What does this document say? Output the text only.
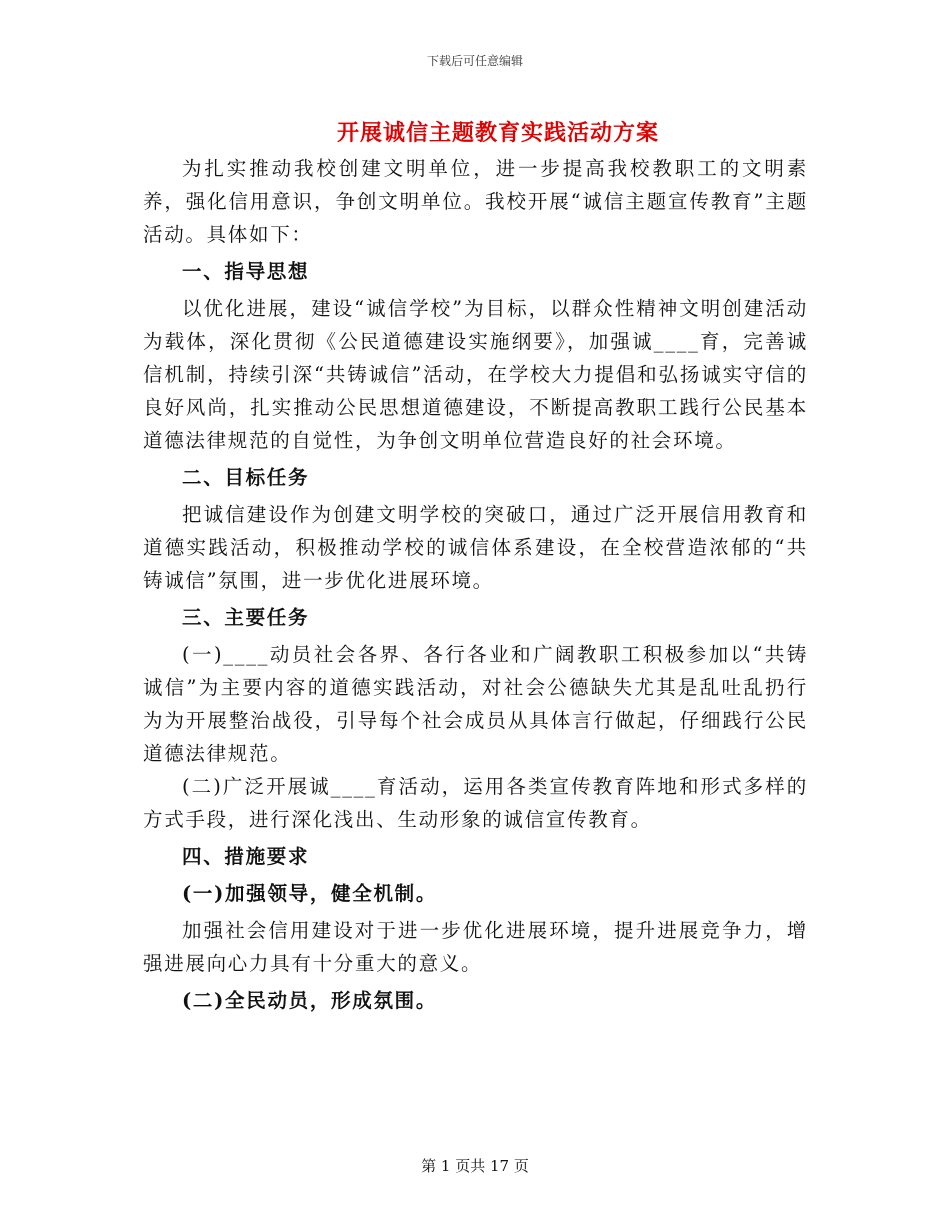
下载后可任意编辑
开展诚信主题教育实践活动方案

为扎实推动我校创建文明单位，进一步提高我校教职工的文明素养，强化信用意识，争创文明单位。我校开展“诚信主题宣传教育”主题活动。具体如下：

一、指导思想

以优化进展，建设“诚信学校”为目标，以群众性精神文明创建活动为载体，深化贯彻《公民道德建设实施纲要》，加强诚____育，完善诚信机制，持续引深“共铸诚信”活动，在学校大力提倡和弘扬诚实守信的良好风尚，扎实推动公民思想道德建设，不断提高教职工践行公民基本道德法律规范的自觉性，为争创文明单位营造良好的社会环境。

二、目标任务

把诚信建设作为创建文明学校的突破口，通过广泛开展信用教育和道德实践活动，积极推动学校的诚信体系建设，在全校营造浓郁的“共铸诚信”氛围，进一步优化进展环境。

三、主要任务

(一)____动员社会各界、各行各业和广阔教职工积极参加以“共铸诚信”为主要内容的道德实践活动，对社会公德缺失尤其是乱吐乱扔行为为开展整治战役，引导每个社会成员从具体言行做起，仔细践行公民道德法律规范。

(二)广泛开展诚____育活动，运用各类宣传教育阵地和形式多样的方式手段，进行深化浅出、生动形象的诚信宣传教育。

四、措施要求

(一)加强领导，健全机制。

加强社会信用建设对于进一步优化进展环境，提升进展竞争力，增强进展向心力具有十分重大的意义。

(二)全民动员，形成氛围。

第 1 页共 17 页
